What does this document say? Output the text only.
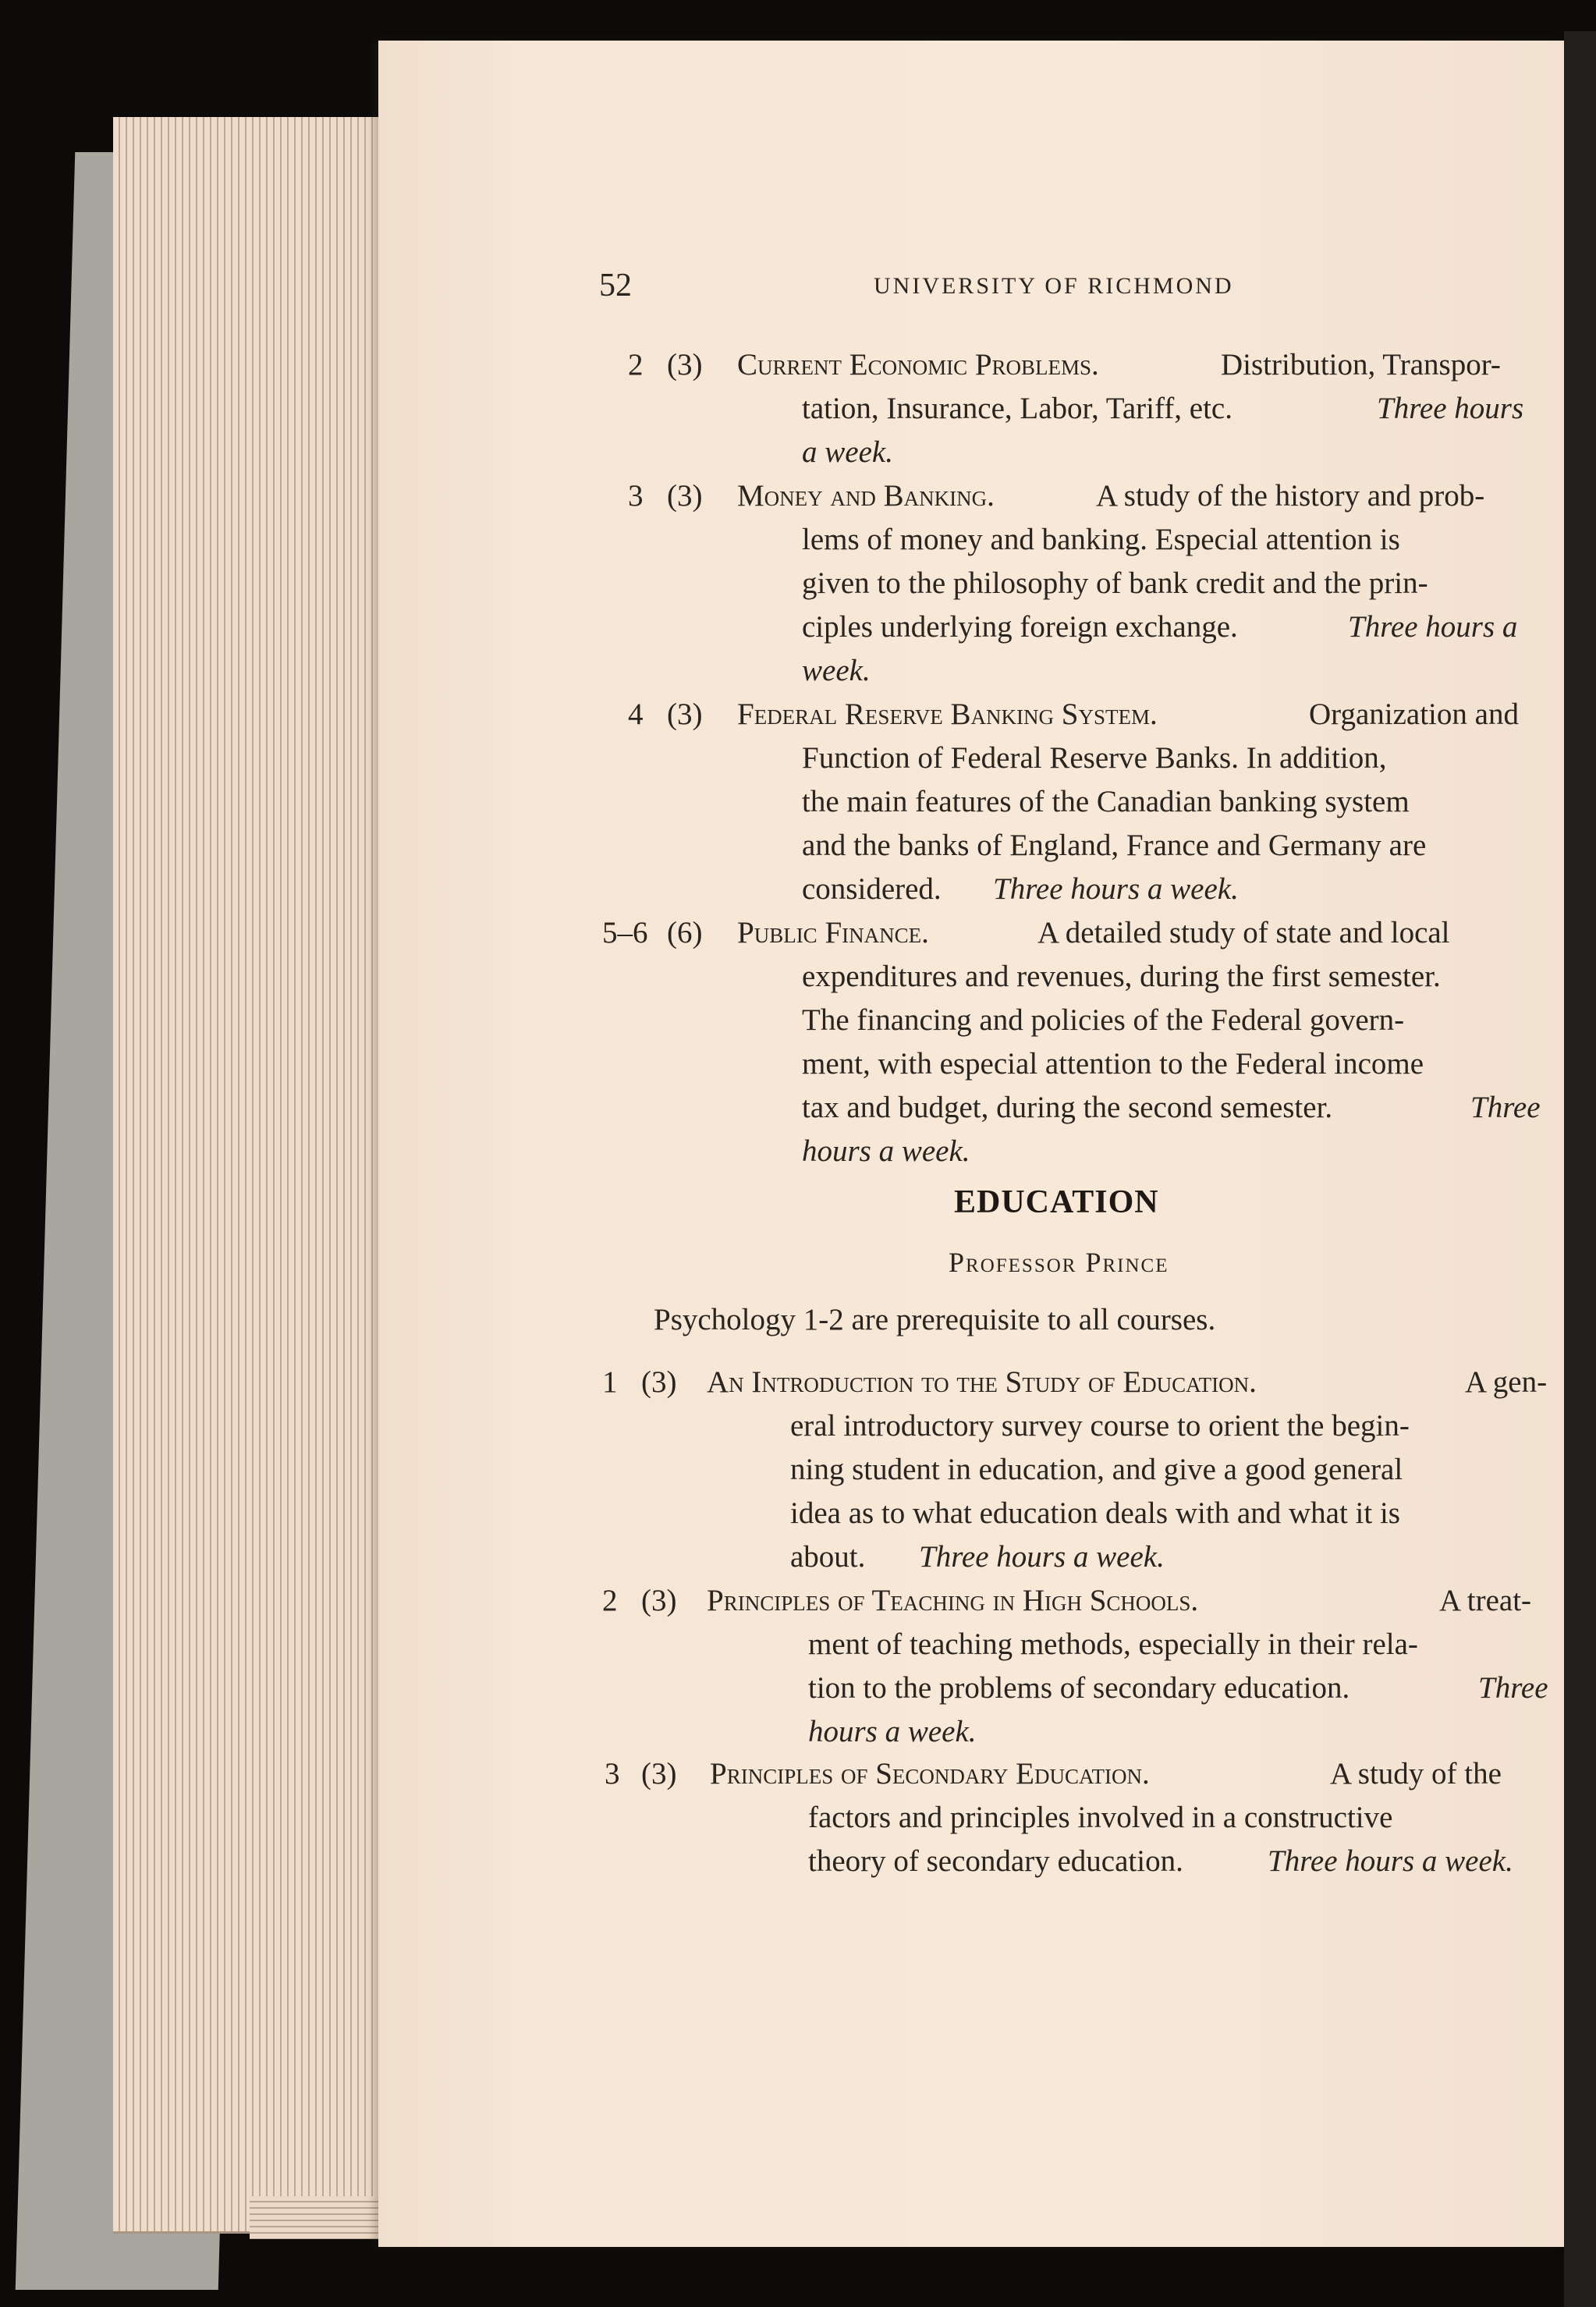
52	UNIVERSITY OF RICHMOND
2 (3) Current Economic Problems.	Distribution, Transpor-
tation, Insurance, Labor, Tariff, etc.	Three hours
a week.
3 (3) Money and Banking.	A study of the history and prob-
lems of money and banking. Especial attention is
given to the philosophy of bank credit and the prin-
ciples underlying foreign exchange.	Three hours a
week.
4 (3) Federal Reserve Banking System.	Organization and
Function of Federal Reserve Banks. In addition,
the main features of the Canadian banking system
and the banks of England, France and Germany are
considered. Three hours a week.
5–6 (6) Public Finance.	A detailed study of state and local
expenditures and revenues, during the first semester.
The financing and policies of the Federal govern-
ment, with especial attention to the Federal income
tax and budget, during the second semester.	Three
hours a week.
EDUCATION
Professor Prince
Psychology 1-2 are prerequisite to all courses.
1 (3) An Introduction to the Study of Education.	A gen-
eral introductory survey course to orient the begin-
ning student in education, and give a good general
idea as to what education deals with and what it is
about. Three hours a week.
2 (3) Principles of Teaching in High Schools.	A treat-
ment of teaching methods, especially in their rela-
tion to the problems of secondary education.	Three
hours a week.
3 (3) Principles of Secondary Education.	A study of the
factors and principles involved in a constructive
theory of secondary education.	Three hours a week.
